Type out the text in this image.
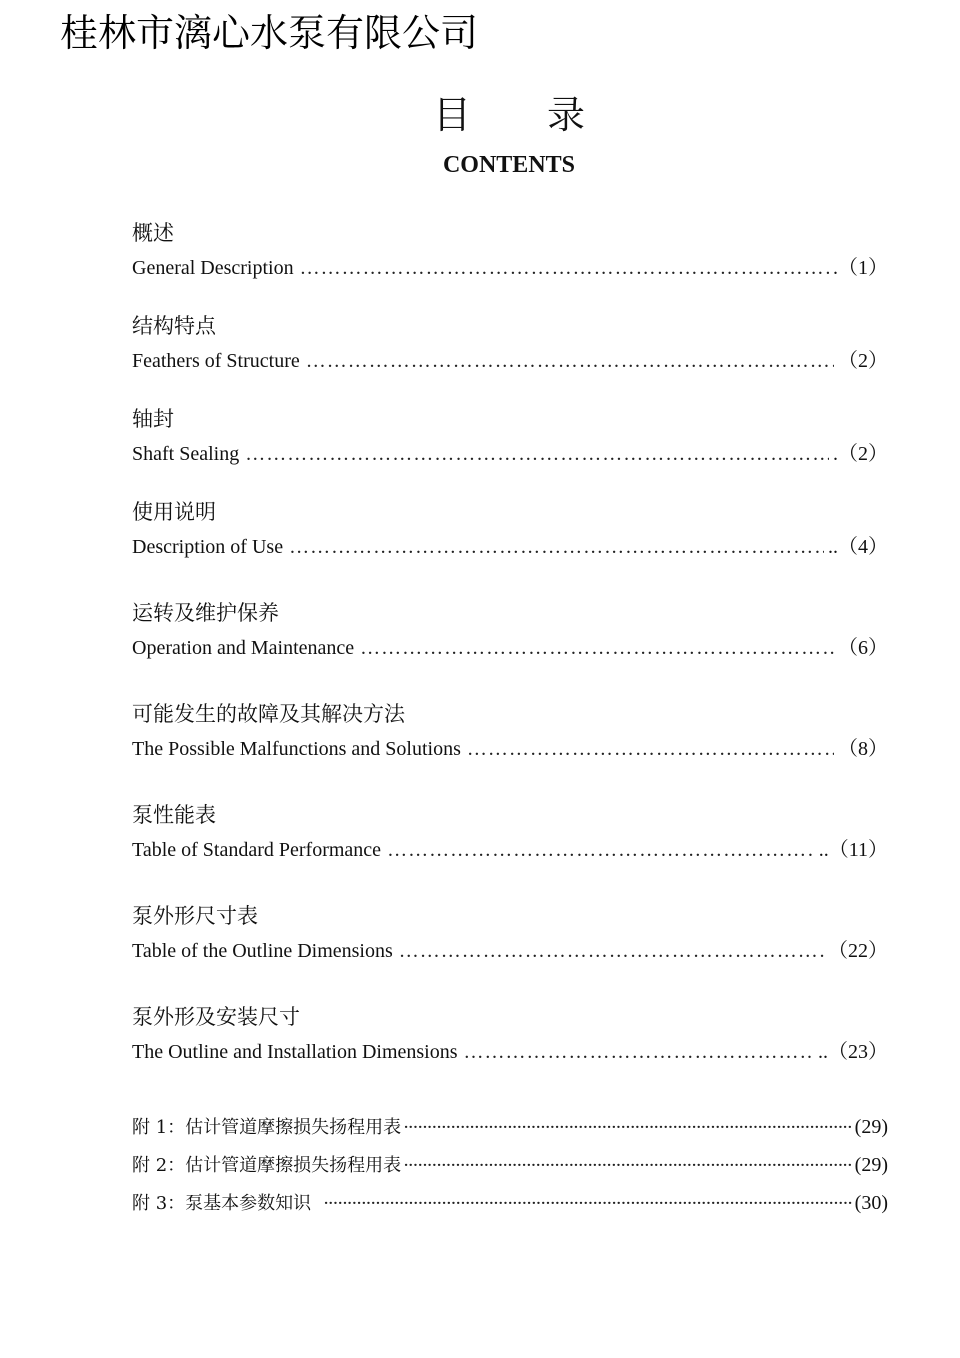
桂林市漓心水泵有限公司
目 录
CONTENTS
概述
General Description …………………………………………………………………………………………………………………………………………………………	.（1）
结构特点
Feathers of Structure …………………………………………………………………………………………………………………………………………………………	（2）
轴封
Shaft Sealing …………………………………………………………………………………………………………………………………………………………	.（2）
使用说明
Description of Use …………………………………………………………………………………………………………………………………………………………	..（4）
运转及维护保养
Operation and Maintenance …………………………………………………………………………………………………………………………………………………………	（6）
可能发生的故障及其解决方法
The Possible Malfunctions and Solutions …………………………………………………………………………………………………………………………………………………………	（8）
泵性能表
Table of Standard Performance …………………………………………………………………………………………………………………………………………………………	..（11）
泵外形尺寸表
Table of the Outline Dimensions …………………………………………………………………………………………………………………………………………………………	（22）
泵外形及安装尺寸
The Outline and Installation Dimensions …………………………………………………………………………………………………………………………………………………………	..（23）
附 1：估计管道摩擦损失扬程用表 ·····	(29)
附 2：估计管道摩擦损失扬程用表 ·····	(29)
附 3：泵基本参数知识 ·····	(30)
